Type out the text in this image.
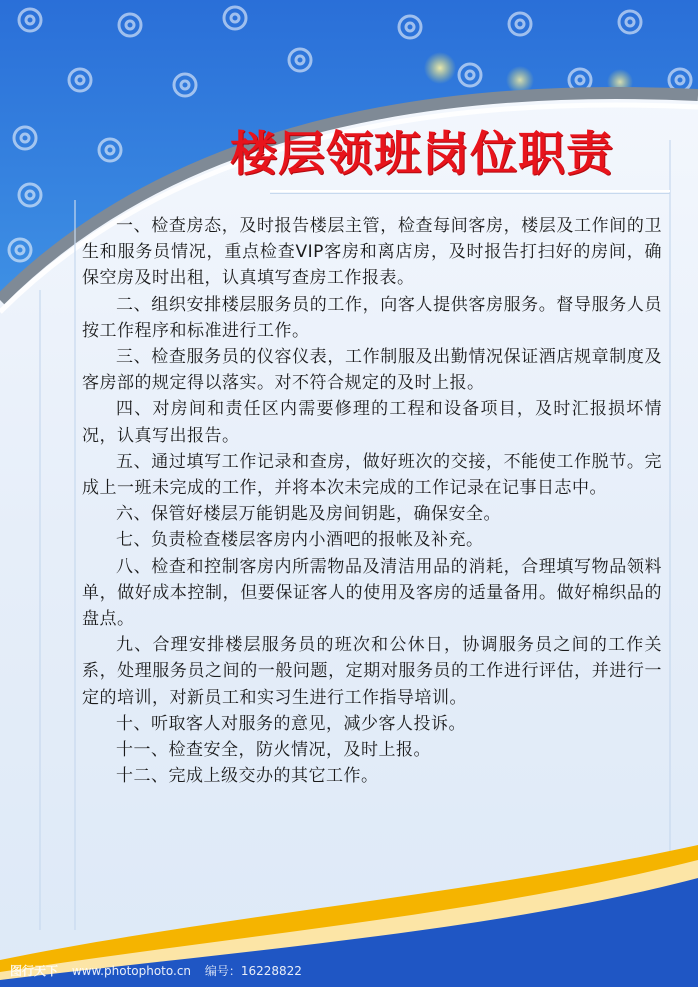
楼层领班岗位职责

一、检查房态，及时报告楼层主管，检查每间客房，楼层及工作间的卫生和服务员情况，重点检查VIP客房和离店房，及时报告打扫好的房间，确保空房及时出租，认真填写查房工作报表。

二、组织安排楼层服务员的工作，向客人提供客房服务。督导服务人员按工作程序和标准进行工作。

三、检查服务员的仪容仪表，工作制服及出勤情况保证酒店规章制度及客房部的规定得以落实。对不符合规定的及时上报。

四、对房间和责任区内需要修理的工程和设备项目，及时汇报损坏情况，认真写出报告。

五、通过填写工作记录和查房，做好班次的交接，不能使工作脱节。完成上一班未完成的工作，并将本次未完成的工作记录在记事日志中。

六、保管好楼层万能钥匙及房间钥匙，确保安全。

七、负责检查楼层客房内小酒吧的报帐及补充。

八、检查和控制客房内所需物品及清洁用品的消耗，合理填写物品领料单，做好成本控制，但要保证客人的使用及客房的适量备用。做好棉织品的盘点。

九、合理安排楼层服务员的班次和公休日，协调服务员之间的工作关系，处理服务员之间的一般问题，定期对服务员的工作进行评估，并进行一定的培训，对新员工和实习生进行工作指导培训。

十、听取客人对服务的意见，减少客人投诉。

十一、检查安全，防火情况，及时上报。

十二、完成上级交办的其它工作。

图行天下 www.photophoto.cn 编号：16228822
